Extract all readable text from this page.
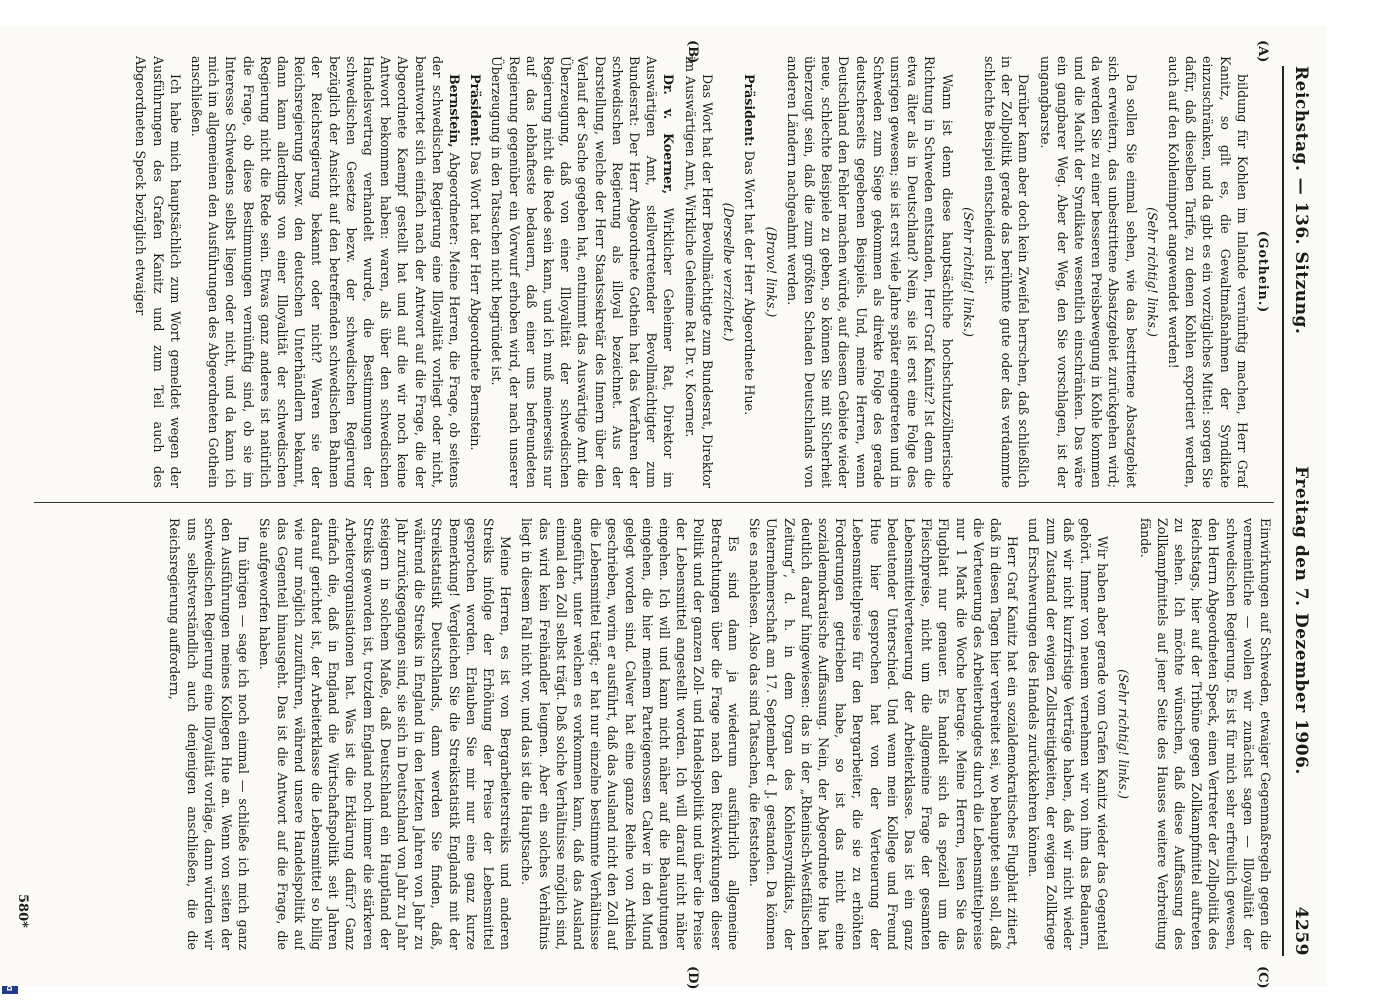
Reichstag. — 136. Sitzung.
Freitag den 7. Dezember 1906.
4259
(A)
(B)
(C)
(D)

(Gothein.)

bildung für Kohlen im Inlande vernünftig machen, Herr Graf Kanitz, so gilt es, die Gewaltmaßnahmen der Syndikate einzuschränken, und da gibt es ein vorzügliches Mittel: sorgen Sie dafür, daß dieselben Tarife, zu denen Kohlen exportiert werden, auch auf den Kohlenimport angewendet werden!

(Sehr richtig! links.)

Da sollen Sie einmal sehen, wie das bestrittene Absatzgebiet sich erweitern, das unbestrittene Absatzgebiet zurückgehen wird; da werden Sie zu einer besseren Preisbewegung in Kohle kommen und die Macht der Syndikate wesentlich einschränken. Das wäre ein gangbarer Weg. Aber der Weg, den Sie vorschlagen, ist der ungangbarste.

Darüber kann aber doch kein Zweifel herrschen, daß schließlich in der Zollpolitik gerade das berühmte gute oder das verdammte schlechte Beispiel entscheidend ist.

(Sehr richtig! links.)

Wann ist denn diese hauptsächliche hochschutzzöllnerische Richtung in Schweden entstanden, Herr Graf Kanitz? Ist denn die etwa älter als in Deutschland? Nein, sie ist erst eine Folge des unsrigen gewesen; sie ist erst viele Jahre später eingetreten und in Schweden zum Siege gekommen als direkte Folge des gerade deutscherseits gegebenen Beispiels. Und, meine Herren, wenn Deutschland den Fehler machen würde, auf diesem Gebiete wieder neue, schlechte Beispiele zu geben, so können Sie mit Sicherheit überzeugt sein, daß die zum größten Schaden Deutschlands von anderen Ländern nachgeahmt werden.

(Bravo! links.)

Präsident: Das Wort hat der Herr Abgeordnete Hue.

(Derselbe verzichtet.)

Das Wort hat der Herr Bevollmächtigte zum Bundesrat, Direktor im Auswärtigen Amt, Wirkliche Geheime Rat Dr. v. Koerner.

Dr. v. Koerner, Wirklicher Geheimer Rat, Direktor im Auswärtigen Amt, stellvertretender Bevollmächtigter zum Bundesrat: Der Herr Abgeordnete Gothein hat das Verfahren der schwedischen Regierung als illoyal bezeichnet. Aus der Darstellung, welche der Herr Staatssekretär des Innern über den Verlauf der Sache gegeben hat, entnimmt das Auswärtige Amt die Überzeugung, daß von einer Illoyalität der schwedischen Regierung nicht die Rede sein kann, und ich muß meinerseits nur auf das lebhafteste bedauern, daß einer uns befreundeten Regierung gegenüber ein Vorwurf erhoben wird, der nach unserer Überzeugung in den Tatsachen nicht begründet ist.

Präsident: Das Wort hat der Herr Abgeordnete Bernstein.

Bernstein, Abgeordneter: Meine Herren, die Frage, ob seitens der schwedischen Regierung eine Illoyalität vorliegt oder nicht, beantwortet sich einfach nach der Antwort auf die Frage, die der Abgeordnete Kaempf gestellt hat und auf die wir noch keine Antwort bekommen haben: waren, als über den schwedischen Handelsvertrag verhandelt wurde, die Bestimmungen der schwedischen Gesetze bezw. der schwedischen Regierung bezüglich der Ansicht auf den betreffenden schwedischen Bahnen der Reichsregierung bekannt oder nicht? Waren sie der Reichsregierung bezw. den deutschen Unterhändlern bekannt, dann kann allerdings von einer Illoyalität der schwedischen Regierung nicht die Rede sein. Etwas ganz anderes ist natürlich die Frage, ob diese Bestimmungen vernünftig sind, ob sie im Interesse Schwedens selbst liegen oder nicht, und da kann ich mich im allgemeinen den Ausführungen des Abgeordneten Gothein anschließen.

Ich habe mich hauptsächlich zum Wort gemeldet wegen der Ausführungen des Grafen Kanitz und zum Teil auch des Abgeordneten Speck bezüglich etwaiger

Einwirkungen auf Schweden, etwaiger Gegenmaßregeln gegen die vermeintliche — wollen wir zunächst sagen — Illoyalität der schwedischen Regierung. Es ist für mich sehr erfreulich gewesen, den Herrn Abgeordneten Speck, einen Vertreter der Zollpolitik des Reichstags, hier auf der Tribüne gegen Zollkampfmittel auftreten zu sehen. Ich möchte wünschen, daß diese Auffassung des Zollkampfmittels auf jener Seite des Hauses weitere Verbreitung fände.

(Sehr richtig! links.)

Wir haben aber gerade vom Grafen Kanitz wieder das Gegenteil gehört. Immer von neuem vernehmen wir von ihm das Bedauern, daß wir nicht kurzfristige Verträge haben, daß wir nicht wieder zum Zustand der ewigen Zollstreitigkeiten, der ewigen Zollkriege und Erschwerungen des Handels zurückkehren können.

Herr Graf Kanitz hat ein sozialdemokratisches Flugblatt zitiert, daß in diesen Tagen hier verbreitet sei, wo behauptet sein soll, daß die Verteuerung des Arbeiterbudgets durch die Lebensmittelpreise nur 1 Mark die Woche betrage. Meine Herren, lesen Sie das Flugblatt nur genauer. Es handelt sich da speziell um die Fleischpreise, nicht um die allgemeine Frage der gesamten Lebensmittelverteuerung der Arbeiterklasse. Das ist ein ganz bedeutender Unterschied. Und wenn mein Kollege und Freund Hue hier gesprochen hat von der Verteuerung der Lebensmittelpreise für den Bergarbeiter, die sie zu erhöhten Forderungen getrieben habe, so ist das nicht eine sozialdemokratische Auffassung. Nein, der Abgeordnete Hue hat deutlich darauf hingewiesen: das in der „Rheinisch-Westfälischen Zeitung“, d. h. in dem Organ des Kohlensyndikats, der Unternehmerschaft am 17. September d. J. gestanden. Da können Sie es nachlesen. Also das sind Tatsachen, die feststehen.

Es sind dann ja wiederum ausführlich allgemeine Betrachtungen über die Frage nach den Rückwirkungen dieser Politik und der ganzen Zoll- und Handelspolitik und über die Preise der Lebensmittel angestellt worden. Ich will darauf nicht näher eingehen. Ich will und kann nicht näher auf die Behauptungen eingehen, die hier meinem Parteigenossen Calwer in den Mund gelegt worden sind. Calwer hat eine ganze Reihe von Artikeln geschrieben, worin er ausführt, daß das Ausland nicht den Zoll auf die Lebensmittel trägt; er hat nur einzelne bestimmte Verhältnisse angeführt, unter welchen es vorkommen kann, daß das Ausland einmal den Zoll selbst trägt. Daß solche Verhältnisse möglich sind, das wird kein Freihändler leugnen. Aber ein solches Verhältnis liegt in diesem Fall nicht vor, und das ist die Hauptsache.

Meine Herren, es ist von Bergarbeiterstreiks und anderen Streiks infolge der Erhöhung der Preise der Lebensmittel gesprochen worden. Erlauben Sie mir nur eine ganz kurze Bemerkung! Vergleichen Sie die Streikstatistik Englands mit der Streikstatistik Deutschlands, dann werden Sie finden, daß, während die Streiks in England in den letzten Jahren von Jahr zu Jahr zurückgegangen sind, sie sich in Deutschland von Jahr zu Jahr steigern in solchem Maße, daß Deutschland ein Hauptland der Streiks geworden ist, trotzdem England noch immer die stärkeren Arbeiterorganisationen hat. Was ist die Erklärung dafür? Ganz einfach die, daß in England die Wirtschaftspolitik seit Jahren darauf gerichtet ist, der Arbeiterklasse die Lebensmittel so billig wie nur möglich zuzuführen, während unsere Handelspolitik auf das Gegenteil hinausgeht. Das ist die Antwort auf die Frage, die Sie aufgeworfen haben.

Im übrigen — sage ich noch einmal — schließe ich mich ganz den Ausführungen meines Kollegen Hue an. Wenn von seiten der schwedischen Regierung eine Illoyalität vorläge, dann würden wir uns selbstverständlich auch denjenigen anschließen, die die Reichsregierung auffordern,

580*
